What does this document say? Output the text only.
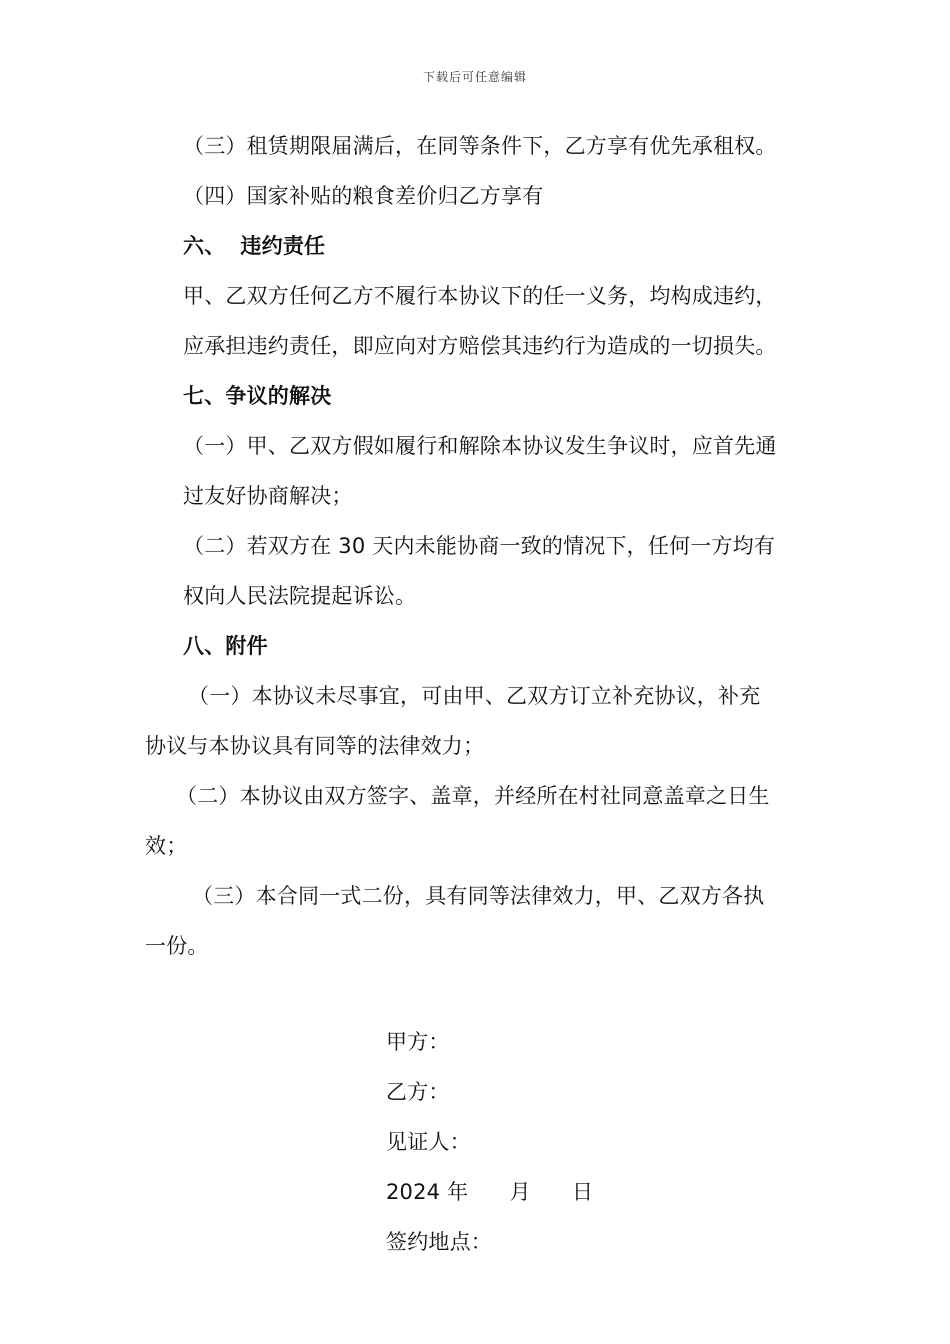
下载后可任意编辑
（三）租赁期限届满后，在同等条件下，乙方享有优先承租权。
（四）国家补贴的粮食差价归乙方享有
六、  违约责任
甲、乙双方任何乙方不履行本协议下的任一义务，均构成违约，
应承担违约责任，即应向对方赔偿其违约行为造成的一切损失。
七、争议的解决
（一）甲、乙双方假如履行和解除本协议发生争议时，应首先通
过友好协商解决；
（二）若双方在 30 天内未能协商一致的情况下，任何一方均有
权向人民法院提起诉讼。
八、附件
（一）本协议未尽事宜，可由甲、乙双方订立补充协议，补充
协议与本协议具有同等的法律效力；
（二）本协议由双方签字、盖章，并经所在村社同意盖章之日生
效；
（三）本合同一式二份，具有同等法律效力，甲、乙双方各执
一份。
甲方：
乙方：
见证人：
2024 年      月      日
签约地点：
